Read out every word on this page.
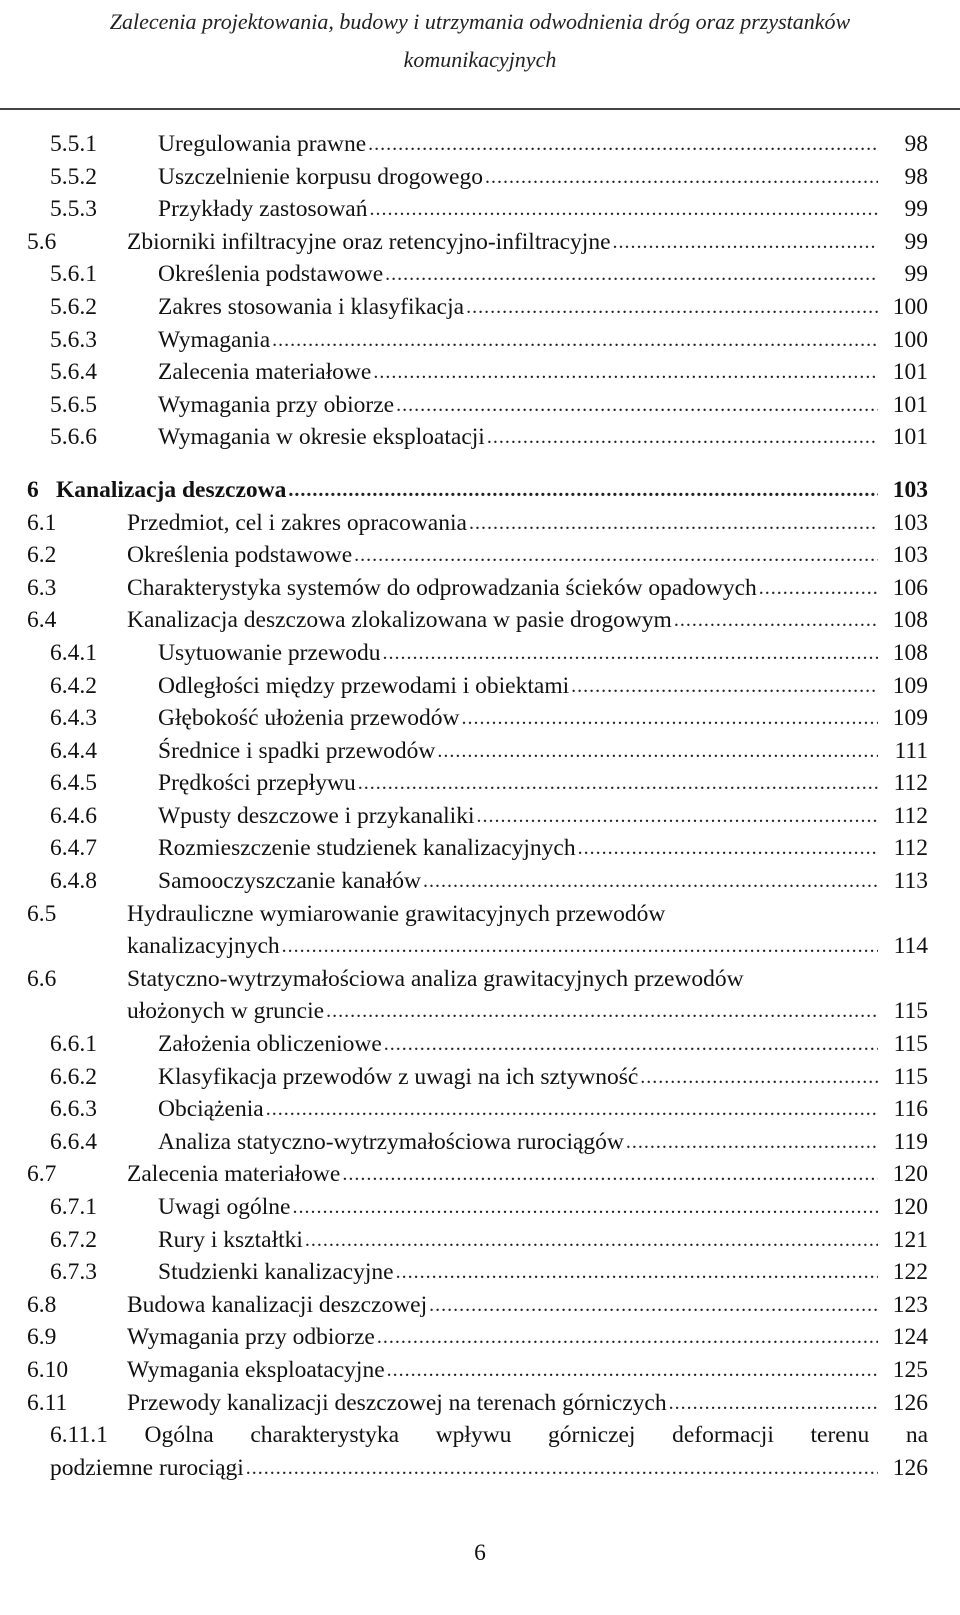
Zalecenia projektowania, budowy i utrzymania odwodnienia dróg oraz przystanków
komunikacyjnych
5.5.1	Uregulowania prawne .....	98
5.5.2	Uszczelnienie korpusu drogowego .....	98
5.5.3	Przykłady zastosowań .....	99
5.6	Zbiorniki infiltracyjne oraz retencyjno-infiltracyjne .....	99
5.6.1	Określenia podstawowe .....	99
5.6.2	Zakres stosowania i klasyfikacja .....	100
5.6.3	Wymagania .....	100
5.6.4	Zalecenia materiałowe .....	101
5.6.5	Wymagania przy obiorze .....	101
5.6.6	Wymagania w okresie eksploatacji .....	101
6 Kanalizacja deszczowa .....	103
6.1	Przedmiot, cel i zakres opracowania .....	103
6.2	Określenia podstawowe .....	103
6.3	Charakterystyka systemów do odprowadzania ścieków opadowych .....	106
6.4	Kanalizacja deszczowa zlokalizowana w pasie drogowym .....	108
6.4.1	Usytuowanie przewodu .....	108
6.4.2	Odległości między przewodami i obiektami .....	109
6.4.3	Głębokość ułożenia przewodów .....	109
6.4.4	Średnice i spadki przewodów .....	111
6.4.5	Prędkości przepływu .....	112
6.4.6	Wpusty deszczowe i przykanaliki .....	112
6.4.7	Rozmieszczenie studzienek kanalizacyjnych .....	112
6.4.8	Samooczyszczanie kanałów .....	113
6.5	Hydrauliczne wymiarowanie grawitacyjnych przewodów
kanalizacyjnych .....	114
6.6	Statyczno-wytrzymałościowa analiza grawitacyjnych przewodów
ułożonych w gruncie .....	115
6.6.1	Założenia obliczeniowe .....	115
6.6.2	Klasyfikacja przewodów z uwagi na ich sztywność .....	115
6.6.3	Obciążenia .....	116
6.6.4	Analiza statyczno-wytrzymałościowa rurociągów .....	119
6.7	Zalecenia materiałowe .....	120
6.7.1	Uwagi ogólne .....	120
6.7.2	Rury i kształtki .....	121
6.7.3	Studzienki kanalizacyjne .....	122
6.8	Budowa kanalizacji deszczowej .....	123
6.9	Wymagania przy odbiorze .....	124
6.10	Wymagania eksploatacyjne .....	125
6.11	Przewody kanalizacji deszczowej na terenach górniczych .....	126
6.11.1 Ogólna charakterystyka wpływu górniczej deformacji terenu na
podziemne rurociągi .....	126
6
